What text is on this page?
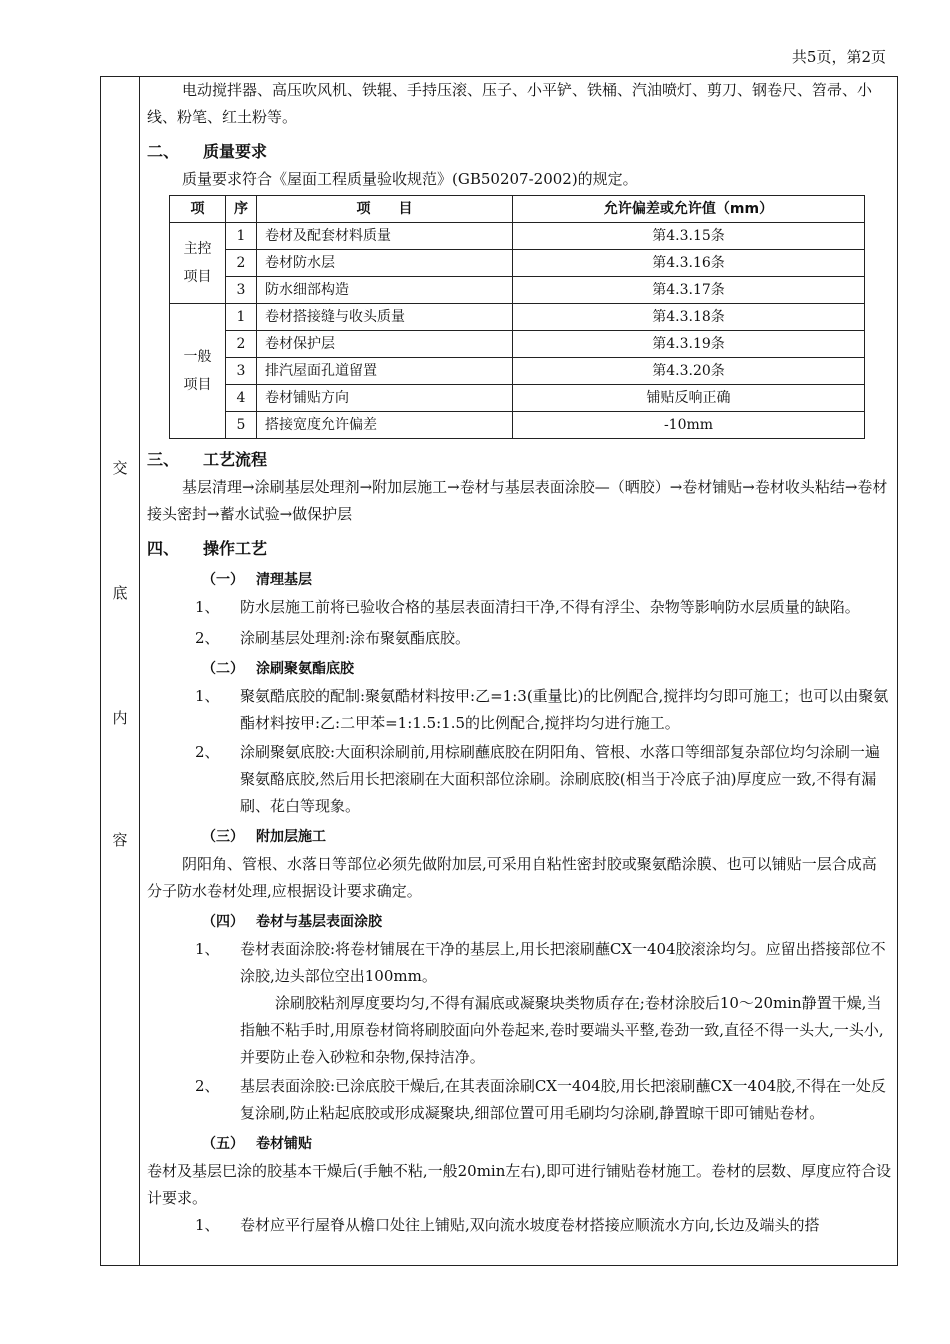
共5页，第2页
交
底
内
容

电动搅拌器、高压吹风机、铁辊、手持压滚、压子、小平铲、铁桶、汽油喷灯、剪刀、钢卷尺、笤帚、小线、粉笔、红土粉等。

二、 质量要求

质量要求符合《屋面工程质量验收规范》(GB50207-2002)的规定。

项	序	项　　目	允许偏差或允许值（mm）
主控项目	1	卷材及配套材料质量	第4.3.15条
	2	卷材防水层	第4.3.16条
	3	防水细部构造	第4.3.17条
一般项目	1	卷材搭接缝与收头质量	第4.3.18条
	2	卷材保护层	第4.3.19条
	3	排汽屋面孔道留置	第4.3.20条
	4	卷材铺贴方向	铺贴反响正确
	5	搭接宽度允许偏差	-10mm
三、 工艺流程

基层清理→涂刷基层处理剂→附加层施工→卷材与基层表面涂胶—（晒胶）→卷材铺贴→卷材收头粘结→卷材接头密封→蓄水试验→做保护层

四、 操作工艺
（一） 清理基层
1、 防水层施工前将已验收合格的基层表面清扫干净,不得有浮尘、杂物等影响防水层质量的缺陷。
2、 涂刷基层处理剂:涂布聚氨酯底胶。
（二） 涂刷聚氨酯底胶
1、 聚氨酷底胶的配制:聚氨酷材料按甲:乙=1:3(重量比)的比例配合,搅拌均匀即可施工；也可以由聚氨酯材料按甲:乙:二甲苯=1:1.5:1.5的比例配合,搅拌均匀进行施工。
2、 涂刷聚氨底胶:大面积涂刷前,用棕刷蘸底胶在阴阳角、管根、水落口等细部复杂部位均匀涂刷一遍聚氨酪底胶,然后用长把滚刷在大面积部位涂刷。涂刷底胶(相当于冷底子油)厚度应一致,不得有漏刷、花白等现象。
（三） 附加层施工

阴阳角、管根、水落日等部位必须先做附加层,可采用自粘性密封胶或聚氨酷涂膜、也可以铺贴一层合成高分子防水卷材处理,应根据设计要求确定。

（四） 卷材与基层表面涂胶
1、 卷材表面涂胶:将卷材铺展在干净的基层上,用长把滚刷蘸CX一404胶滚涂均匀。应留出搭接部位不涂胶,边头部位空出100mm。

涂刷胶粘剂厚度要均匀,不得有漏底或凝聚块类物质存在;卷材涂胶后10～20min静置干燥,当指触不粘手时,用原卷材筒将刷胶面向外卷起来,卷时要端头平整,卷劲一致,直径不得一头大,一头小,并要防止卷入砂粒和杂物,保持洁净。

2、 基层表面涂胶:已涂底胶干燥后,在其表面涂刷CX一404胶,用长把滚刷蘸CX一404胶,不得在一处反复涂刷,防止粘起底胶或形成凝聚块,细部位置可用毛刷均匀涂刷,静置晾干即可铺贴卷材。
（五） 卷材铺贴

卷材及基层巳涂的胶基本干燥后(手触不粘,一般20min左右),即可进行铺贴卷材施工。卷材的层数、厚度应符合设计要求。

1、 卷材应平行屋脊从檐口处往上铺贴,双向流水坡度卷材搭接应顺流水方向,长边及端头的搭
